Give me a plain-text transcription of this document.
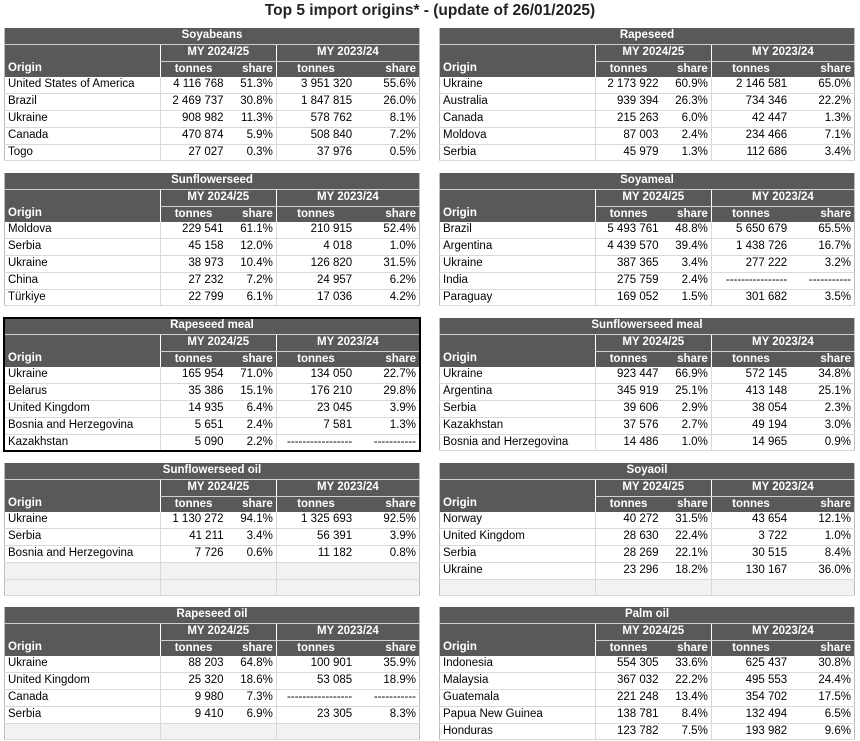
Top 5 import origins* - (update of 26/01/2025)
Soyabeans				
	MY 2024/25		MY 2023/24	
Origin	tonnes	share	tonnes	share
United States of America	4 116 768	51.3%	3 951 320	55.6%
Brazil	2 469 737	30.8%	1 847 815	26.0%
Ukraine	908 982	11.3%	578 762	8.1%
Canada	470 874	5.9%	508 840	7.2%
Togo	27 027	0.3%	37 976	0.5%
Rapeseed				
	MY 2024/25		MY 2023/24	
Origin	tonnes	share	tonnes	share
Ukraine	2 173 922	60.9%	2 146 581	65.0%
Australia	939 394	26.3%	734 346	22.2%
Canada	215 263	6.0%	42 447	1.3%
Moldova	87 003	2.4%	234 466	7.1%
Serbia	45 979	1.3%	112 686	3.4%
Sunflowerseed				
	MY 2024/25		MY 2023/24	
Origin	tonnes	share	tonnes	share
Moldova	229 541	61.1%	210 915	52.4%
Serbia	45 158	12.0%	4 018	1.0%
Ukraine	38 973	10.4%	126 820	31.5%
China	27 232	7.2%	24 957	6.2%
Türkiye	22 799	6.1%	17 036	4.2%
Soyameal				
	MY 2024/25		MY 2023/24	
Origin	tonnes	share	tonnes	share
Brazil	5 493 761	48.8%	5 650 679	65.5%
Argentina	4 439 570	39.4%	1 438 726	16.7%
Ukraine	387 365	3.4%	277 222	3.2%
India	275 759	2.4%	----------------	-----------
Paraguay	169 052	1.5%	301 682	3.5%
Rapeseed meal				
	MY 2024/25		MY 2023/24	
Origin	tonnes	share	tonnes	share
Ukraine	165 954	71.0%	134 050	22.7%
Belarus	35 386	15.1%	176 210	29.8%
United Kingdom	14 935	6.4%	23 045	3.9%
Bosnia and Herzegovina	5 651	2.4%	7 581	1.3%
Kazakhstan	5 090	2.2%	-----------------	-----------
Sunflowerseed meal				
	MY 2024/25		MY 2023/24	
Origin	tonnes	share	tonnes	share
Ukraine	923 447	66.9%	572 145	34.8%
Argentina	345 919	25.1%	413 148	25.1%
Serbia	39 606	2.9%	38 054	2.3%
Kazakhstan	37 576	2.7%	49 194	3.0%
Bosnia and Herzegovina	14 486	1.0%	14 965	0.9%
Sunflowerseed oil				
	MY 2024/25		MY 2023/24	
Origin	tonnes	share	tonnes	share
Ukraine	1 130 272	94.1%	1 325 693	92.5%
Serbia	41 211	3.4%	56 391	3.9%
Bosnia and Herzegovina	7 726	0.6%	11 182	0.8%

Soyaoil				
	MY 2024/25		MY 2023/24	
Origin	tonnes	share	tonnes	share
Norway	40 272	31.5%	43 654	12.1%
United Kingdom	28 630	22.4%	3 722	1.0%
Serbia	28 269	22.1%	30 515	8.4%
Ukraine	23 296	18.2%	130 167	36.0%

Rapeseed oil				
	MY 2024/25		MY 2023/24	
Origin	tonnes	share	tonnes	share
Ukraine	88 203	64.8%	100 901	35.9%
United Kingdom	25 320	18.6%	53 085	18.9%
Canada	9 980	7.3%	-----------------	-----------
Serbia	9 410	6.9%	23 305	8.3%

Palm oil				
	MY 2024/25		MY 2023/24	
Origin	tonnes	share	tonnes	share
Indonesia	554 305	33.6%	625 437	30.8%
Malaysia	367 032	22.2%	495 553	24.4%
Guatemala	221 248	13.4%	354 702	17.5%
Papua New Guinea	138 781	8.4%	132 494	6.5%
Honduras	123 782	7.5%	193 982	9.6%
